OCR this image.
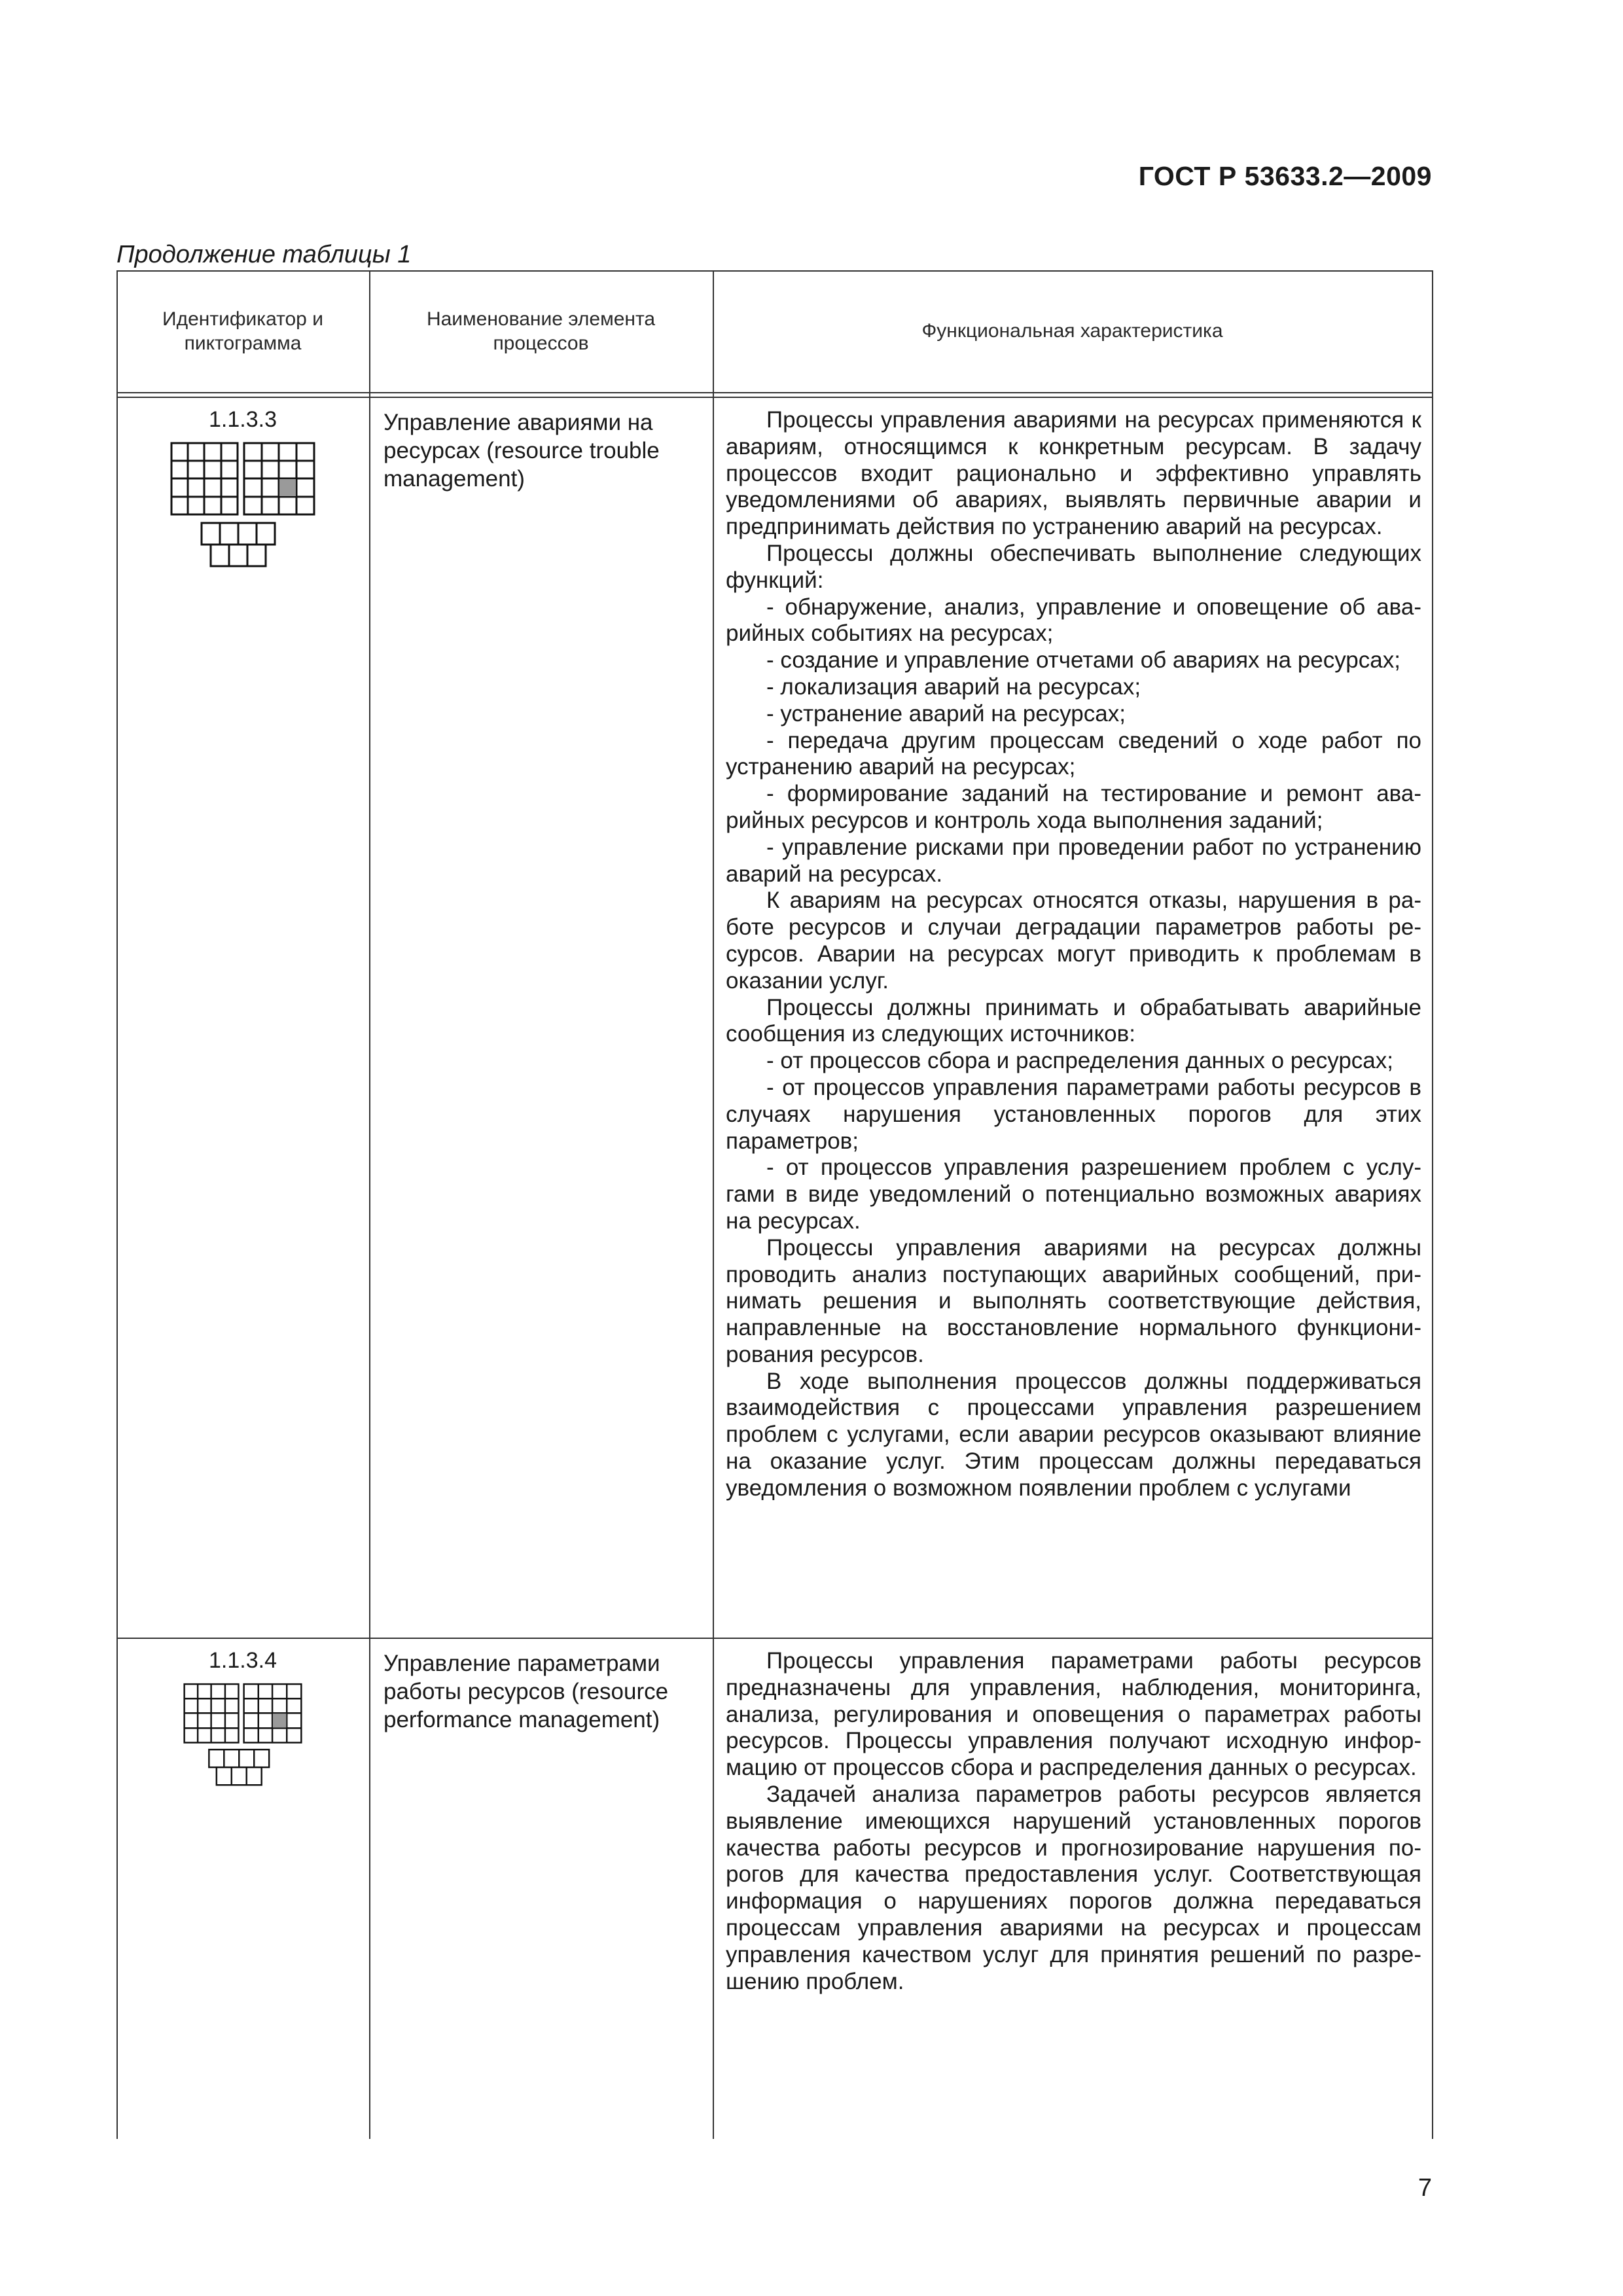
ГОСТ Р 53633.2—2009
Продолжение таблицы 1
Идентификатор и пиктограмма
Наименование элемента процессов
Функциональная характеристика
1.1.3.3	Управление авариями на ресурсах (resource trouble management)

Процессы управления авариями на ресурсах применяются к авариям, относящимся к конкретным ресурсам. В задачу процессов входит рационально и эффективно управлять уведомлениями об авариях, выявлять первичные аварии и предпринимать действия по устранению аварий на ресурсах.

Процессы должны обеспечивать выполнение следующих функций:

- обнаружение, анализ, управление и оповещение об аварийных событиях на ресурсах;

- создание и управление отчетами об авариях на ресурсах;

- локализация аварий на ресурсах;

- устранение аварий на ресурсах;

- передача другим процессам сведений о ходе работ по устранению аварий на ресурсах;

- формирование заданий на тестирование и ремонт аварийных ресурсов и контроль хода выполнения заданий;

- управление рисками при проведении работ по устранению аварий на ресурсах.

К авариям на ресурсах относятся отказы, нарушения в работе ресурсов и случаи деградации параметров работы ресурсов. Аварии на ресурсах могут приводить к проблемам в оказании услуг.

Процессы должны принимать и обрабатывать аварийные сообщения из следующих источников:

- от процессов сбора и распределения данных о ресурсах;

- от процессов управления параметрами работы ресурсов в случаях нарушения установленных порогов для этих параметров;

- от процессов управления разрешением проблем с услугами в виде уведомлений о потенциально возможных авариях на ресурсах.

Процессы управления авариями на ресурсах должны проводить анализ поступающих аварийных сообщений, принимать решения и выполнять соответствующие действия, направленные на восстановление нормального функционирования ресурсов.

В ходе выполнения процессов должны поддерживаться взаимодействия с процессами управления разрешением проблем с услугами, если аварии ресурсов оказывают влияние на оказание услуг. Этим процессам должны передаваться уведомления о возможном появлении проблем с услугами

1.1.3.4	Управление параметрами работы ресурсов (resource performance management)

Процессы управления параметрами работы ресурсов предназначены для управления, наблюдения, мониторинга, анализа, регулирования и оповещения о параметрах работы ресурсов. Процессы управления получают исходную информацию от процессов сбора и распределения данных о ресурсах.

Задачей анализа параметров работы ресурсов является выявление имеющихся нарушений установленных порогов качества работы ресурсов и прогнозирование нарушения порогов для качества предоставления услуг. Соответствующая информация о нарушениях порогов должна передаваться процессам управления авариями на ресурсах и процессам управления качеством услуг для принятия решений по разрешению проблем.

7
